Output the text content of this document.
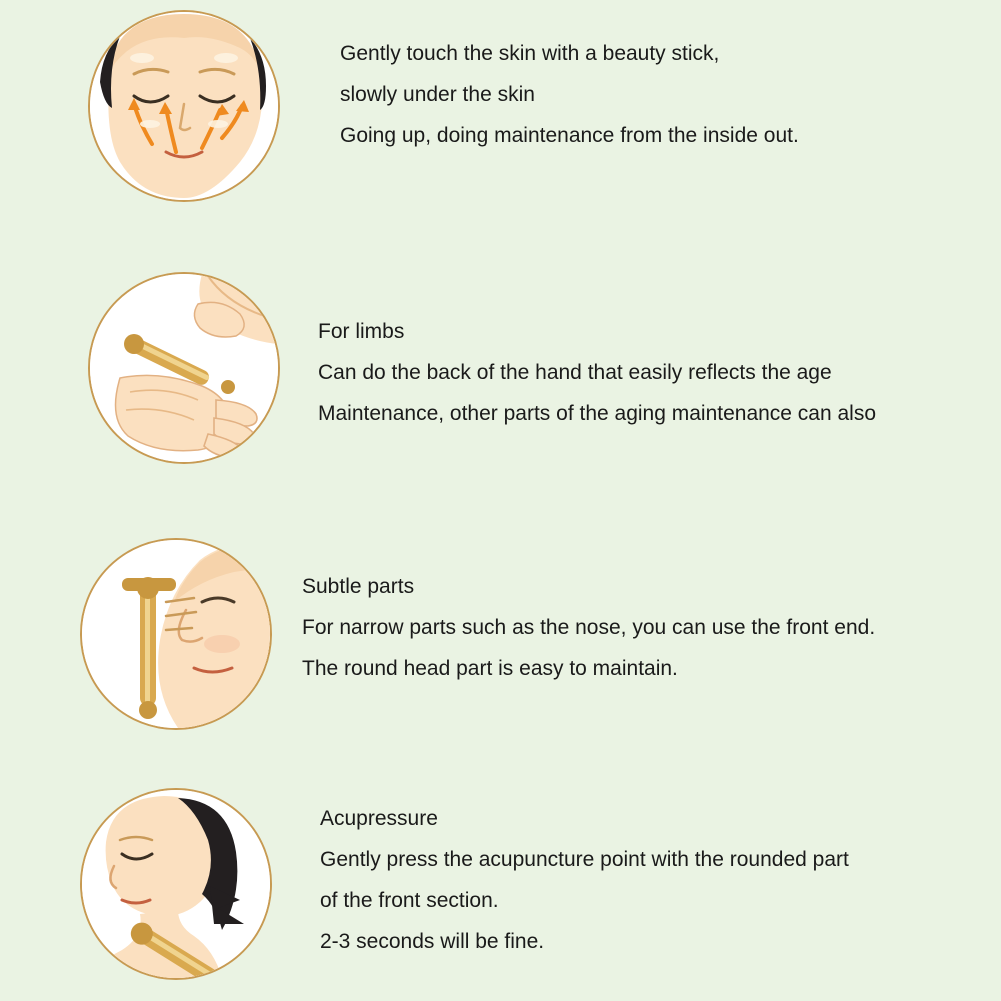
Gently touch the skin with a beauty stick,
slowly under the skin
Going up, doing maintenance from the inside out.
For limbs
Can do the back of the hand that easily reflects the age
Maintenance, other parts of the aging maintenance can also
Subtle parts
For narrow parts such as the nose, you can use the front end.
The round head part is easy to maintain.
Acupressure
Gently press the acupuncture point with the rounded part
of the front section.
2-3 seconds will be fine.
